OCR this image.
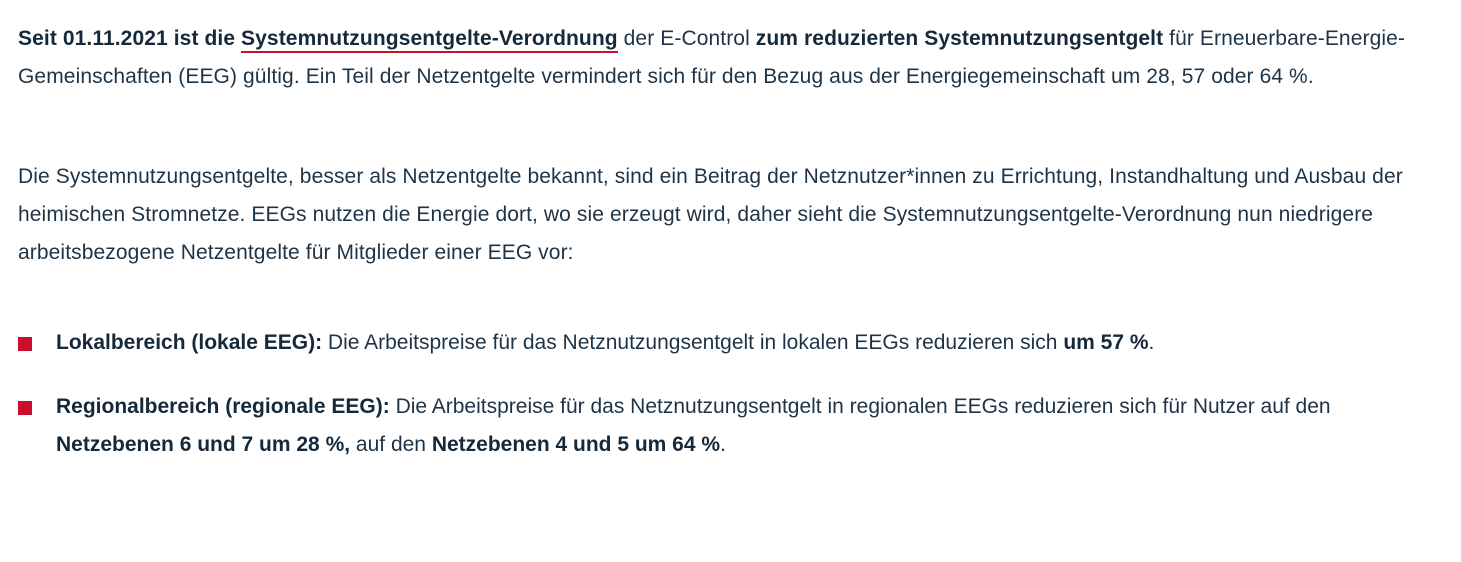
Seit 01.11.2021 ist die Systemnutzungsentgelte-Verordnung der E-Control zum reduzierten Systemnutzungsentgelt für Erneuerbare-Energie-Gemeinschaften (EEG) gültig. Ein Teil der Netzentgelte vermindert sich für den Bezug aus der Energiegemeinschaft um 28, 57 oder 64 %.

Die Systemnutzungsentgelte, besser als Netzentgelte bekannt, sind ein Beitrag der Netznutzer*innen zu Errichtung, Instandhaltung und Ausbau der heimischen Stromnetze. EEGs nutzen die Energie dort, wo sie erzeugt wird, daher sieht die Systemnutzungsentgelte-Verordnung nun niedrigere arbeitsbezogene Netzentgelte für Mitglieder einer EEG vor:

Lokalbereich (lokale EEG): Die Arbeitspreise für das Netznutzungsentgelt in lokalen EEGs reduzieren sich um 57 %.
Regionalbereich (regionale EEG): Die Arbeitspreise für das Netznutzungsentgelt in regionalen EEGs reduzieren sich für Nutzer auf den Netzebenen 6 und 7 um 28 %, auf den Netzebenen 4 und 5 um 64 %.
